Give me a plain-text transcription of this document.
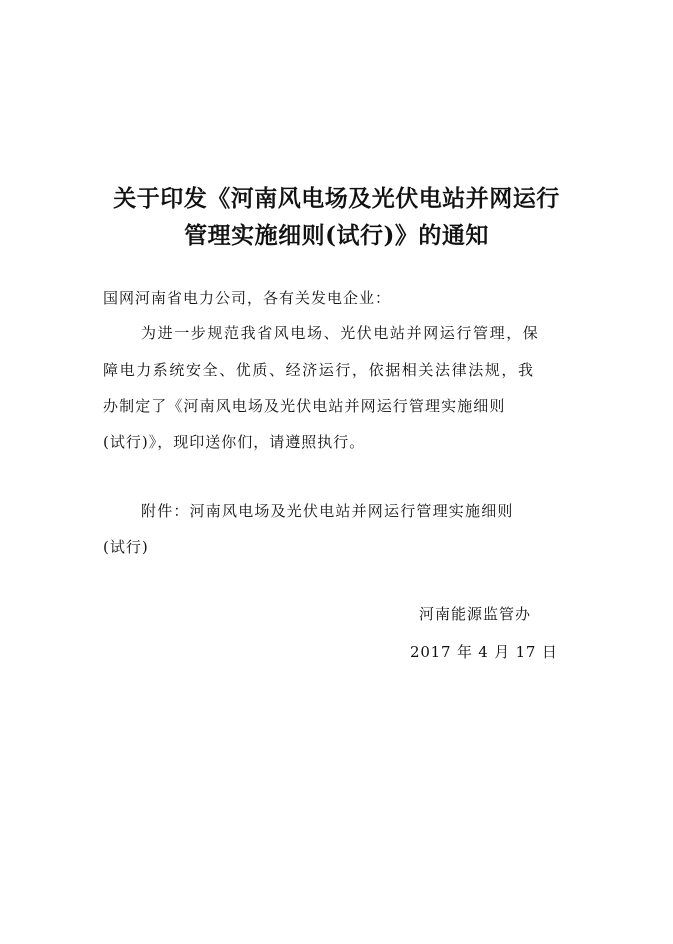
关于印发《河南风电场及光伏电站并网运行
管理实施细则(试行)》的通知
国网河南省电力公司，各有关发电企业：
为进一步规范我省风电场、光伏电站并网运行管理，保
障电力系统安全、优质、经济运行，依据相关法律法规，我
办制定了《河南风电场及光伏电站并网运行管理实施细则
(试行)》，现印送你们，请遵照执行。
附件：河南风电场及光伏电站并网运行管理实施细则
(试行)
河南能源监管办
2017 年 4 月 17 日
